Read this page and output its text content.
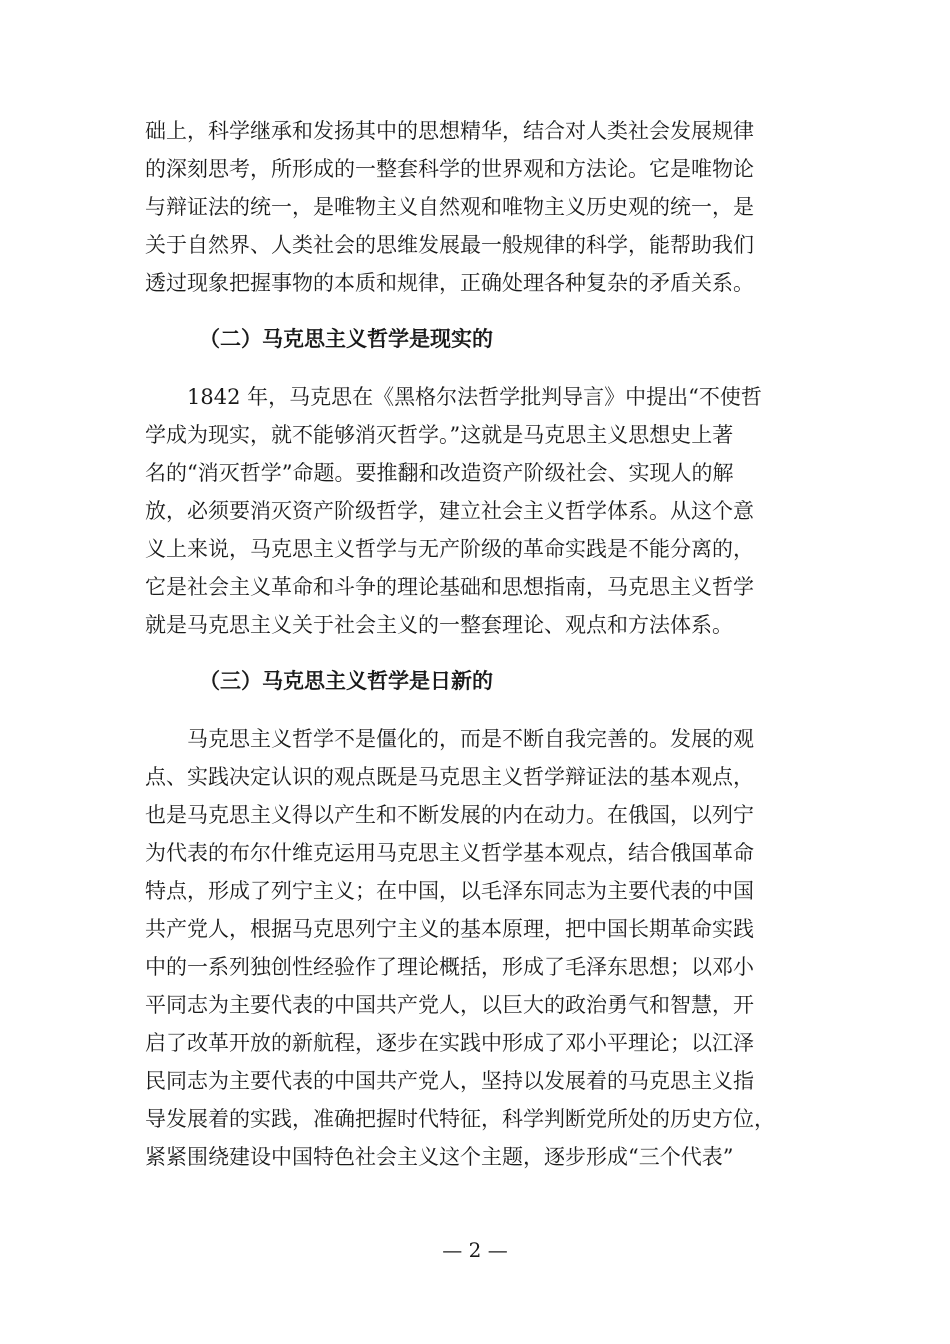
础上，科学继承和发扬其中的思想精华，结合对人类社会发展规律
的深刻思考，所形成的一整套科学的世界观和方法论。它是唯物论
与辩证法的统一，是唯物主义自然观和唯物主义历史观的统一，是
关于自然界、人类社会的思维发展最一般规律的科学，能帮助我们
透过现象把握事物的本质和规律，正确处理各种复杂的矛盾关系。
（二）马克思主义哲学是现实的
1842 年，马克思在《黑格尔法哲学批判导言》中提出“不使哲
学成为现实，就不能够消灭哲学。”这就是马克思主义思想史上著
名的“消灭哲学”命题。要推翻和改造资产阶级社会、实现人的解
放，必须要消灭资产阶级哲学，建立社会主义哲学体系。从这个意
义上来说，马克思主义哲学与无产阶级的革命实践是不能分离的，
它是社会主义革命和斗争的理论基础和思想指南，马克思主义哲学
就是马克思主义关于社会主义的一整套理论、观点和方法体系。
（三）马克思主义哲学是日新的
马克思主义哲学不是僵化的，而是不断自我完善的。发展的观
点、实践决定认识的观点既是马克思主义哲学辩证法的基本观点，
也是马克思主义得以产生和不断发展的内在动力。在俄国，以列宁
为代表的布尔什维克运用马克思主义哲学基本观点，结合俄国革命
特点，形成了列宁主义；在中国，以毛泽东同志为主要代表的中国
共产党人，根据马克思列宁主义的基本原理，把中国长期革命实践
中的一系列独创性经验作了理论概括，形成了毛泽东思想；以邓小
平同志为主要代表的中国共产党人，以巨大的政治勇气和智慧，开
启了改革开放的新航程，逐步在实践中形成了邓小平理论；以江泽
民同志为主要代表的中国共产党人，坚持以发展着的马克思主义指
导发展着的实践，准确把握时代特征，科学判断党所处的历史方位，
紧紧围绕建设中国特色社会主义这个主题，逐步形成“三个代表”
— 2 —
